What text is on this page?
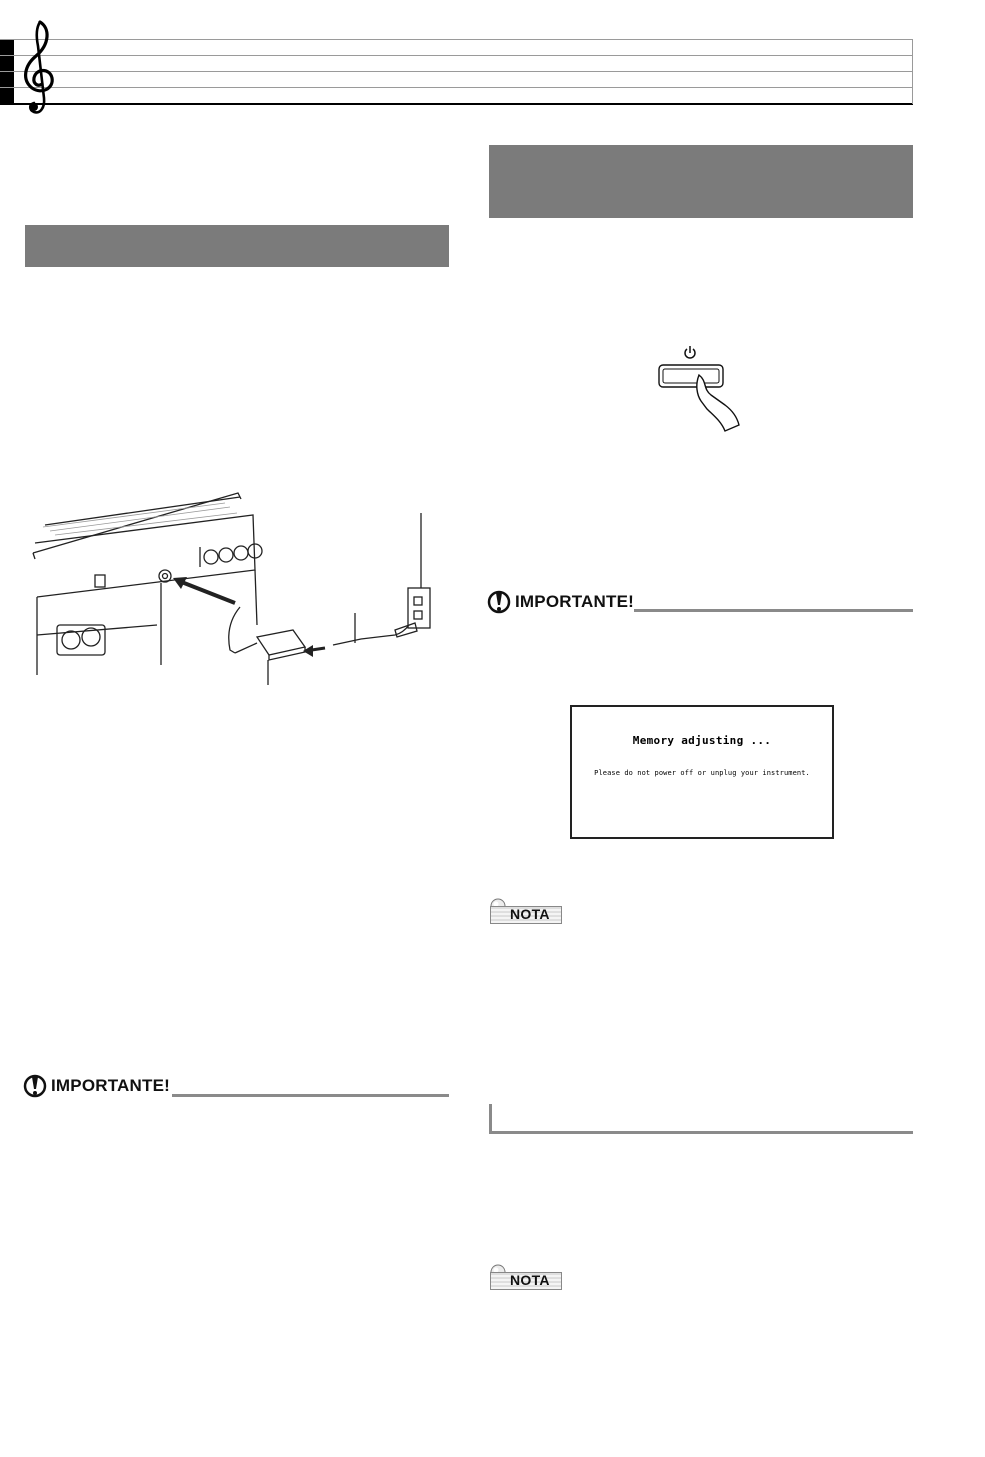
IMPORTANTE!
Memory adjusting ...
Please do not power off or unplug your instrument.
NOTA
NOTA
IMPORTANTE!
